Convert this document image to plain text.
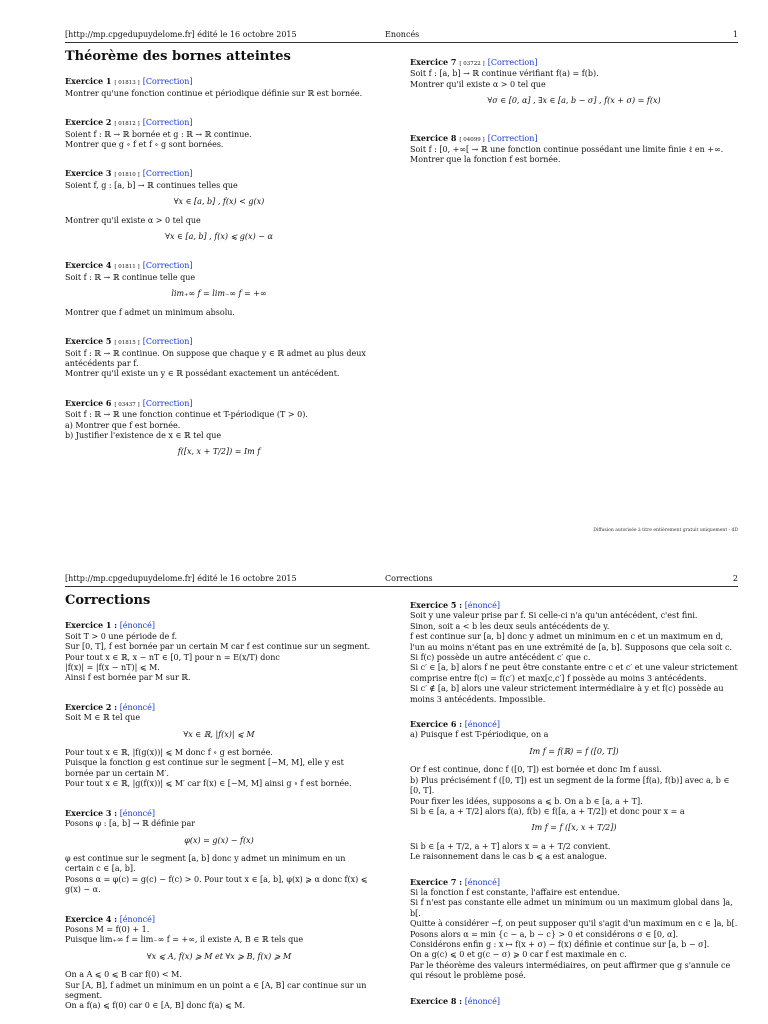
[http://mp.cpgedupuydelome.fr] édité le 16 octobre 2015	Enoncés	1
Théorème des bornes atteintes
Exercice 1 [ 01813 ] [Correction]
Montrer qu'une fonction continue et périodique définie sur ℝ est bornée.
Exercice 2 [ 01812 ] [Correction]
Soient f : ℝ → ℝ bornée et g : ℝ → ℝ continue.
Montrer que g ∘ f et f ∘ g sont bornées.
Exercice 3 [ 01810 ] [Correction]
Soient f, g : [a, b] → ℝ continues telles que
∀x ∈ [a, b] , f(x) < g(x)
Montrer qu'il existe α > 0 tel que
∀x ∈ [a, b] , f(x) ⩽ g(x) − α
Exercice 4 [ 01811 ] [Correction]
Soit f : ℝ → ℝ continue telle que
lim₊∞ f = lim₋∞ f = +∞
Montrer que f admet un minimum absolu.
Exercice 5 [ 01815 ] [Correction]
Soit f : ℝ → ℝ continue. On suppose que chaque y ∈ ℝ admet au plus deux antécédents par f.
Montrer qu'il existe un y ∈ ℝ possédant exactement un antécédent.
Exercice 6 [ 03437 ] [Correction]
Soit f : ℝ → ℝ une fonction continue et T-périodique (T > 0).
a) Montrer que f est bornée.
b) Justifier l'existence de x ∈ ℝ tel que
f([x, x + T/2]) = Im f
Exercice 7 [ 03722 ] [Correction]
Soit f : [a, b] → ℝ continue vérifiant f(a) = f(b).
Montrer qu'il existe α > 0 tel que
∀σ ∈ [0, α] , ∃x ∈ [a, b − σ] , f(x + σ) = f(x)
Exercice 8 [ 04099 ] [Correction]
Soit f : [0, +∞[ → ℝ une fonction continue possédant une limite finie ℓ en +∞.
Montrer que la fonction f est bornée.
Diffusion autorisée à titre entièrement gratuit uniquement - dD
[http://mp.cpgedupuydelome.fr] édité le 16 octobre 2015	Corrections	2
Corrections
Exercice 1 : [énoncé]
Soit T > 0 une période de f.
Sur [0, T], f est bornée par un certain M car f est continue sur un segment.
Pour tout x ∈ ℝ, x − nT ∈ [0, T] pour n = E(x/T) donc
|f(x)| = |f(x − nT)| ⩽ M.
Ainsi f est bornée par M sur ℝ.
Exercice 2 : [énoncé]
Soit M ∈ ℝ tel que
∀x ∈ ℝ, |f(x)| ⩽ M
Pour tout x ∈ ℝ, |f(g(x))| ⩽ M donc f ∘ g est bornée.
Puisque la fonction g est continue sur le segment [−M, M], elle y est bornée par un certain M′.
Pour tout x ∈ ℝ, |g(f(x))| ⩽ M′ car f(x) ∈ [−M, M] ainsi g ∘ f est bornée.
Exercice 3 : [énoncé]
Posons φ : [a, b] → ℝ définie par
φ(x) = g(x) − f(x)
φ est continue sur le segment [a, b] donc y admet un minimum en un certain c ∈ [a, b].
Posons α = φ(c) = g(c) − f(c) > 0. Pour tout x ∈ [a, b], φ(x) ⩾ α donc f(x) ⩽ g(x) − α.
Exercice 4 : [énoncé]
Posons M = f(0) + 1.
Puisque lim₊∞ f = lim₋∞ f = +∞, il existe A, B ∈ ℝ tels que
∀x ⩽ A, f(x) ⩾ M et ∀x ⩾ B, f(x) ⩾ M
On a A ⩽ 0 ⩽ B car f(0) < M.
Sur [A, B], f admet un minimum en un point a ∈ [A, B] car continue sur un segment.
On a f(a) ⩽ f(0) car 0 ∈ [A, B] donc f(a) ⩽ M.
Exercice 5 : [énoncé]
Soit y une valeur prise par f. Si celle-ci n'a qu'un antécédent, c'est fini.
Sinon, soit a < b les deux seuls antécédents de y.
f est continue sur [a, b] donc y admet un minimum en c et un maximum en d, l'un au moins n'étant pas en une extrémité de [a, b]. Supposons que cela soit c.
Si f(c) possède un autre antécédent c′ que c.
Si c′ ∈ [a, b] alors f ne peut être constante entre c et c′ et une valeur strictement comprise entre f(c) = f(c′) et max[c,c′] f possède au moins 3 antécédents.
Si c′ ∉ [a, b] alors une valeur strictement intermédiaire à y et f(c) possède au moins 3 antécédents. Impossible.
Exercice 6 : [énoncé]
a) Puisque f est T-périodique, on a
Im f = f(ℝ) = f ([0, T])
Or f est continue, donc f ([0, T]) est bornée et donc Im f aussi.
b) Plus précisément f ([0, T]) est un segment de la forme [f(a), f(b)] avec a, b ∈ [0, T].
Pour fixer les idées, supposons a ⩽ b. On a b ∈ [a, a + T].
Si b ∈ [a, a + T/2] alors f(a), f(b) ∈ f([a, a + T/2]) et donc pour x = a
Im f = f ([x, x + T/2])
Si b ∈ [a + T/2, a + T] alors x = a + T/2 convient.
Le raisonnement dans le cas b ⩽ a est analogue.
Exercice 7 : [énoncé]
Si la fonction f est constante, l'affaire est entendue.
Si f n'est pas constante elle admet un minimum ou un maximum global dans ]a, b[.
Quitte à considérer −f, on peut supposer qu'il s'agit d'un maximum en c ∈ ]a, b[.
Posons alors α = min {c − a, b − c} > 0 et considérons σ ∈ [0, α].
Considérons enfin g : x ↦ f(x + σ) − f(x) définie et continue sur [a, b − σ].
On a g(c) ⩽ 0 et g(c − σ) ⩾ 0 car f est maximale en c.
Par le théorème des valeurs intermédiaires, on peut affirmer que g s'annule ce qui résout le problème posé.
Exercice 8 : [énoncé]
